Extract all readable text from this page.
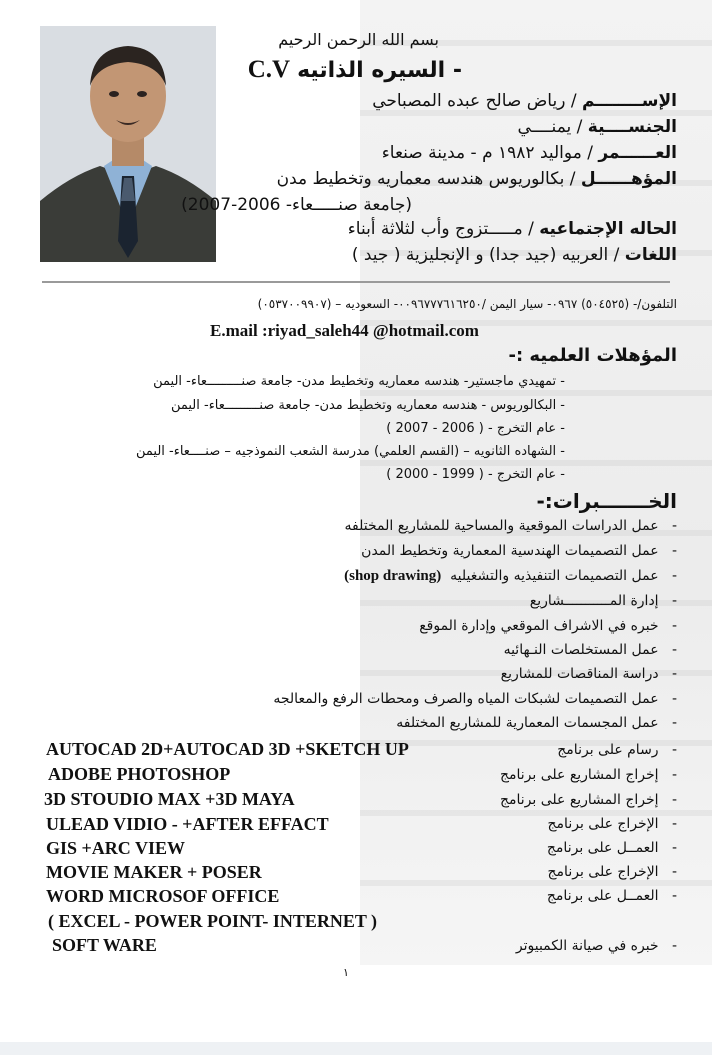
بسم الله الرحمن الرحيم
C.V السيره الذاتيه -
الإســــــــم / رياض صالح عبده المصباحي
الجنســــية / يمنــــي
العــــــمر / مواليد ١٩٨٢ م - مدينة صنعاء
المؤهــــــل / بكالوريوس هندسه معماريه وتخطيط مدن
(جامعة صنـــــعاء- 2006-2007)
الحاله الإجتماعيه / مـــــتزوج وأب لثلاثة أبناء
اللغات / العربيه (جيد جدا) و الإنجليزية ( جيد )
التلفون/- (٥٠٤٥٢٥) ٠٩٦٧- سيار اليمن /٠٠٩٦٧٧٧٦١٦٢٥٠- السعوديه – (٠٥٣٧٠٠٩٩٠٧)
E.mail :riyad_saleh44 @hotmail.com
المؤهلات العلميه :-
- تمهيدي ماجستير- هندسه معماريه وتخطيط مدن- جامعة صنـــــــــعاء- اليمن
- البكالوريوس - هندسه معماريه وتخطيط مدن- جامعة صنـــــــــعاء- اليمن
- عام التخرج - ( 2006 - 2007 )
- الشهاده الثانويه – (القسم العلمي) مدرسة الشعب النموذجيه – صنــــعاء- اليمن
- عام التخرج - ( 1999 - 2000 )
الخـــــــبرات:-
-   عمل الدراسات الموقعية والمساحية للمشاريع المختلفه
-   عمل التصميمات الهندسية المعمارية وتخطيط المدن
-   عمل التصميمات التنفيذيه والتشغيليه  (shop drawing)
-   إدارة المـــــــــــشاريع
-   خبره في الاشراف الموقعي وإدارة الموقع
-   عمل المستخلصات النـهائيه
-   دراسة المناقصات للمشاريع
-   عمل التصميمات لشبكات المياه والصرف ومحطات الرفع والمعالجه
-   عمل المجسمات المعمارية للمشاريع المختلفه
-   رسام على برنامج
AUTOCAD 2D+AUTOCAD 3D +SKETCH UP
-   إخراج المشاريع على برنامج
ADOBE PHOTOSHOP
-   إخراج المشاريع على برنامج
3D STOUDIO MAX +3D MAYA
-   الإخراج على برنامج
ULEAD VIDIO - +AFTER EFFACT
-   العمــل على برنامج
GIS +ARC VIEW
-   الإخراج على برنامج
MOVIE MAKER + POSER
-   العمــل على برنامج
WORD MICROSOF OFFICE
( EXCEL - POWER POINT- INTERNET )
-   خبره في صيانة الكمبيوتر
SOFT WARE
١
